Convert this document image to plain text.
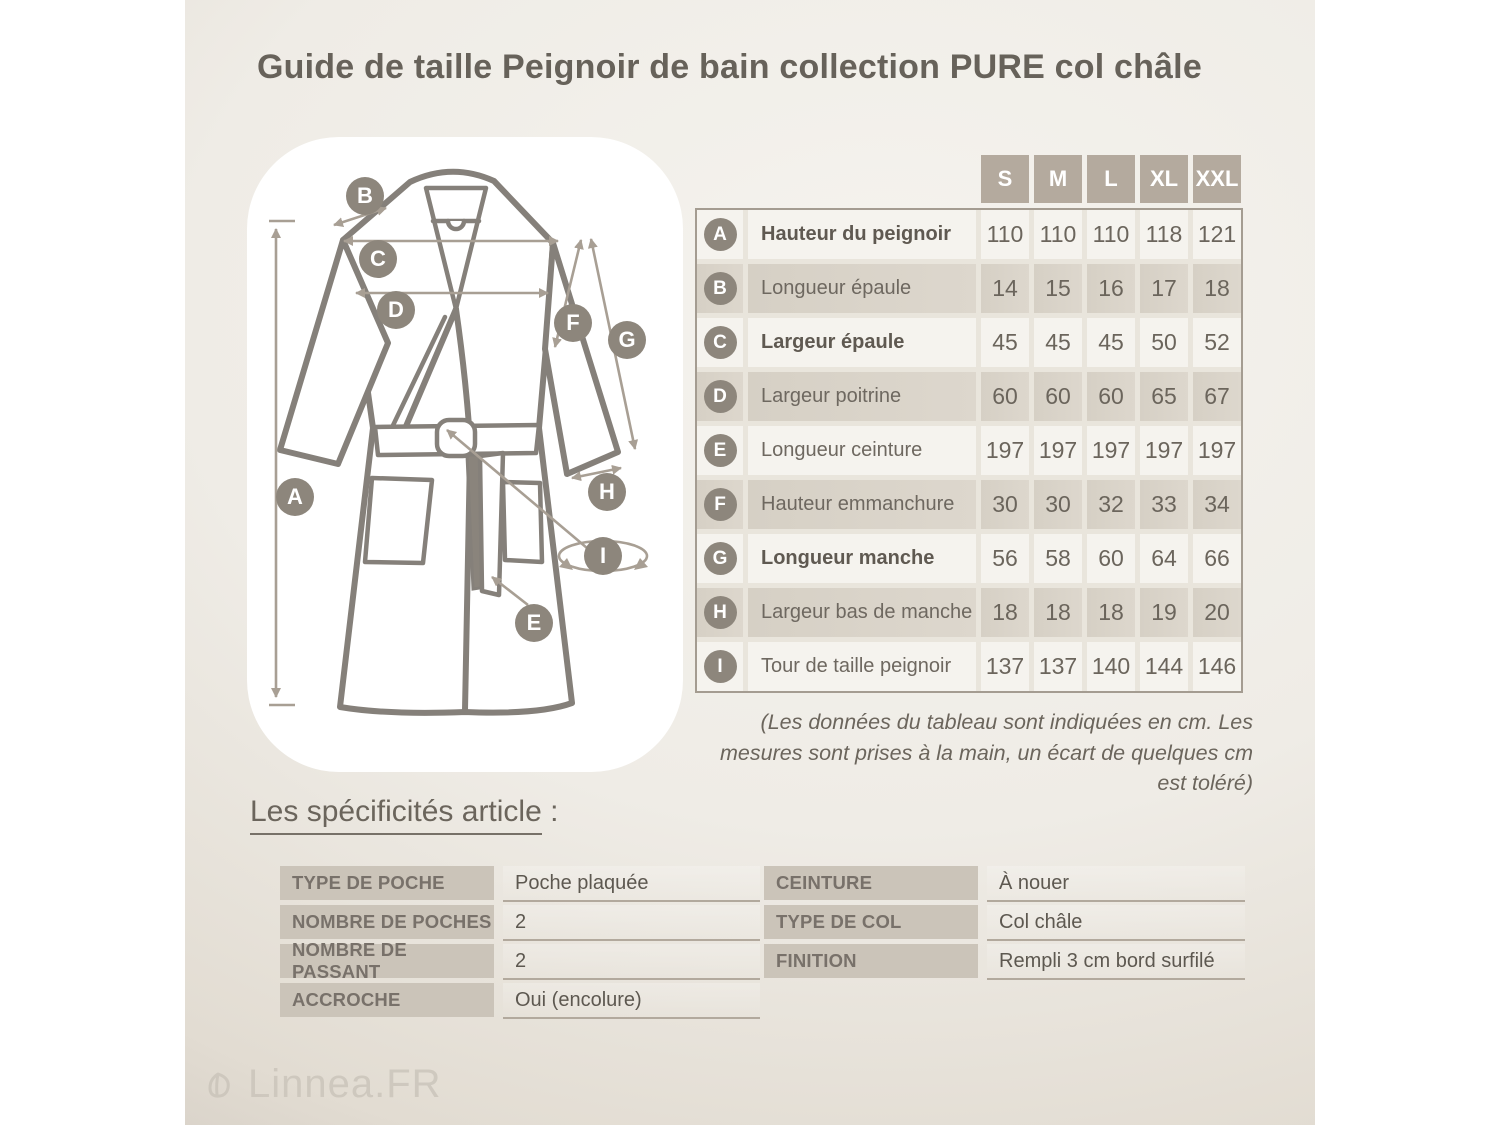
Guide de taille Peignoir de bain collection PURE col châle
A
B
C
D
E
F
G
H
I
S	M	L	XL XXL
A	Hauteur du peignoir	110 110 110 118 121
B	Longueur épaule	14	15	16	17	18
C	Largeur épaule	45	45	45	50	52
D	Largeur poitrine	60	60	60	65	67
E	Longueur ceinture	197 197 197 197 197
F	Hauteur emmanchure	30	30	32	33	34
G	Longueur manche	56	58	60	64	66
H	Largeur bas de manche 18	18	18	19	20
I	Tour de taille peignoir	137 137 140 144 146
(Les données du tableau sont indiquées en cm. Les mesures sont prises à la main, un écart de quelques cm est toléré)
Les spécificités article :
TYPE DE POCHE	Poche plaquée
NOMBRE DE POCHES	2
NOMBRE DE PASSANT	2
ACCROCHE	Oui (encolure)
CEINTURE	À nouer
TYPE DE COL	Col châle
FINITION	Rempli 3 cm bord surfilé
Linnea.FR
